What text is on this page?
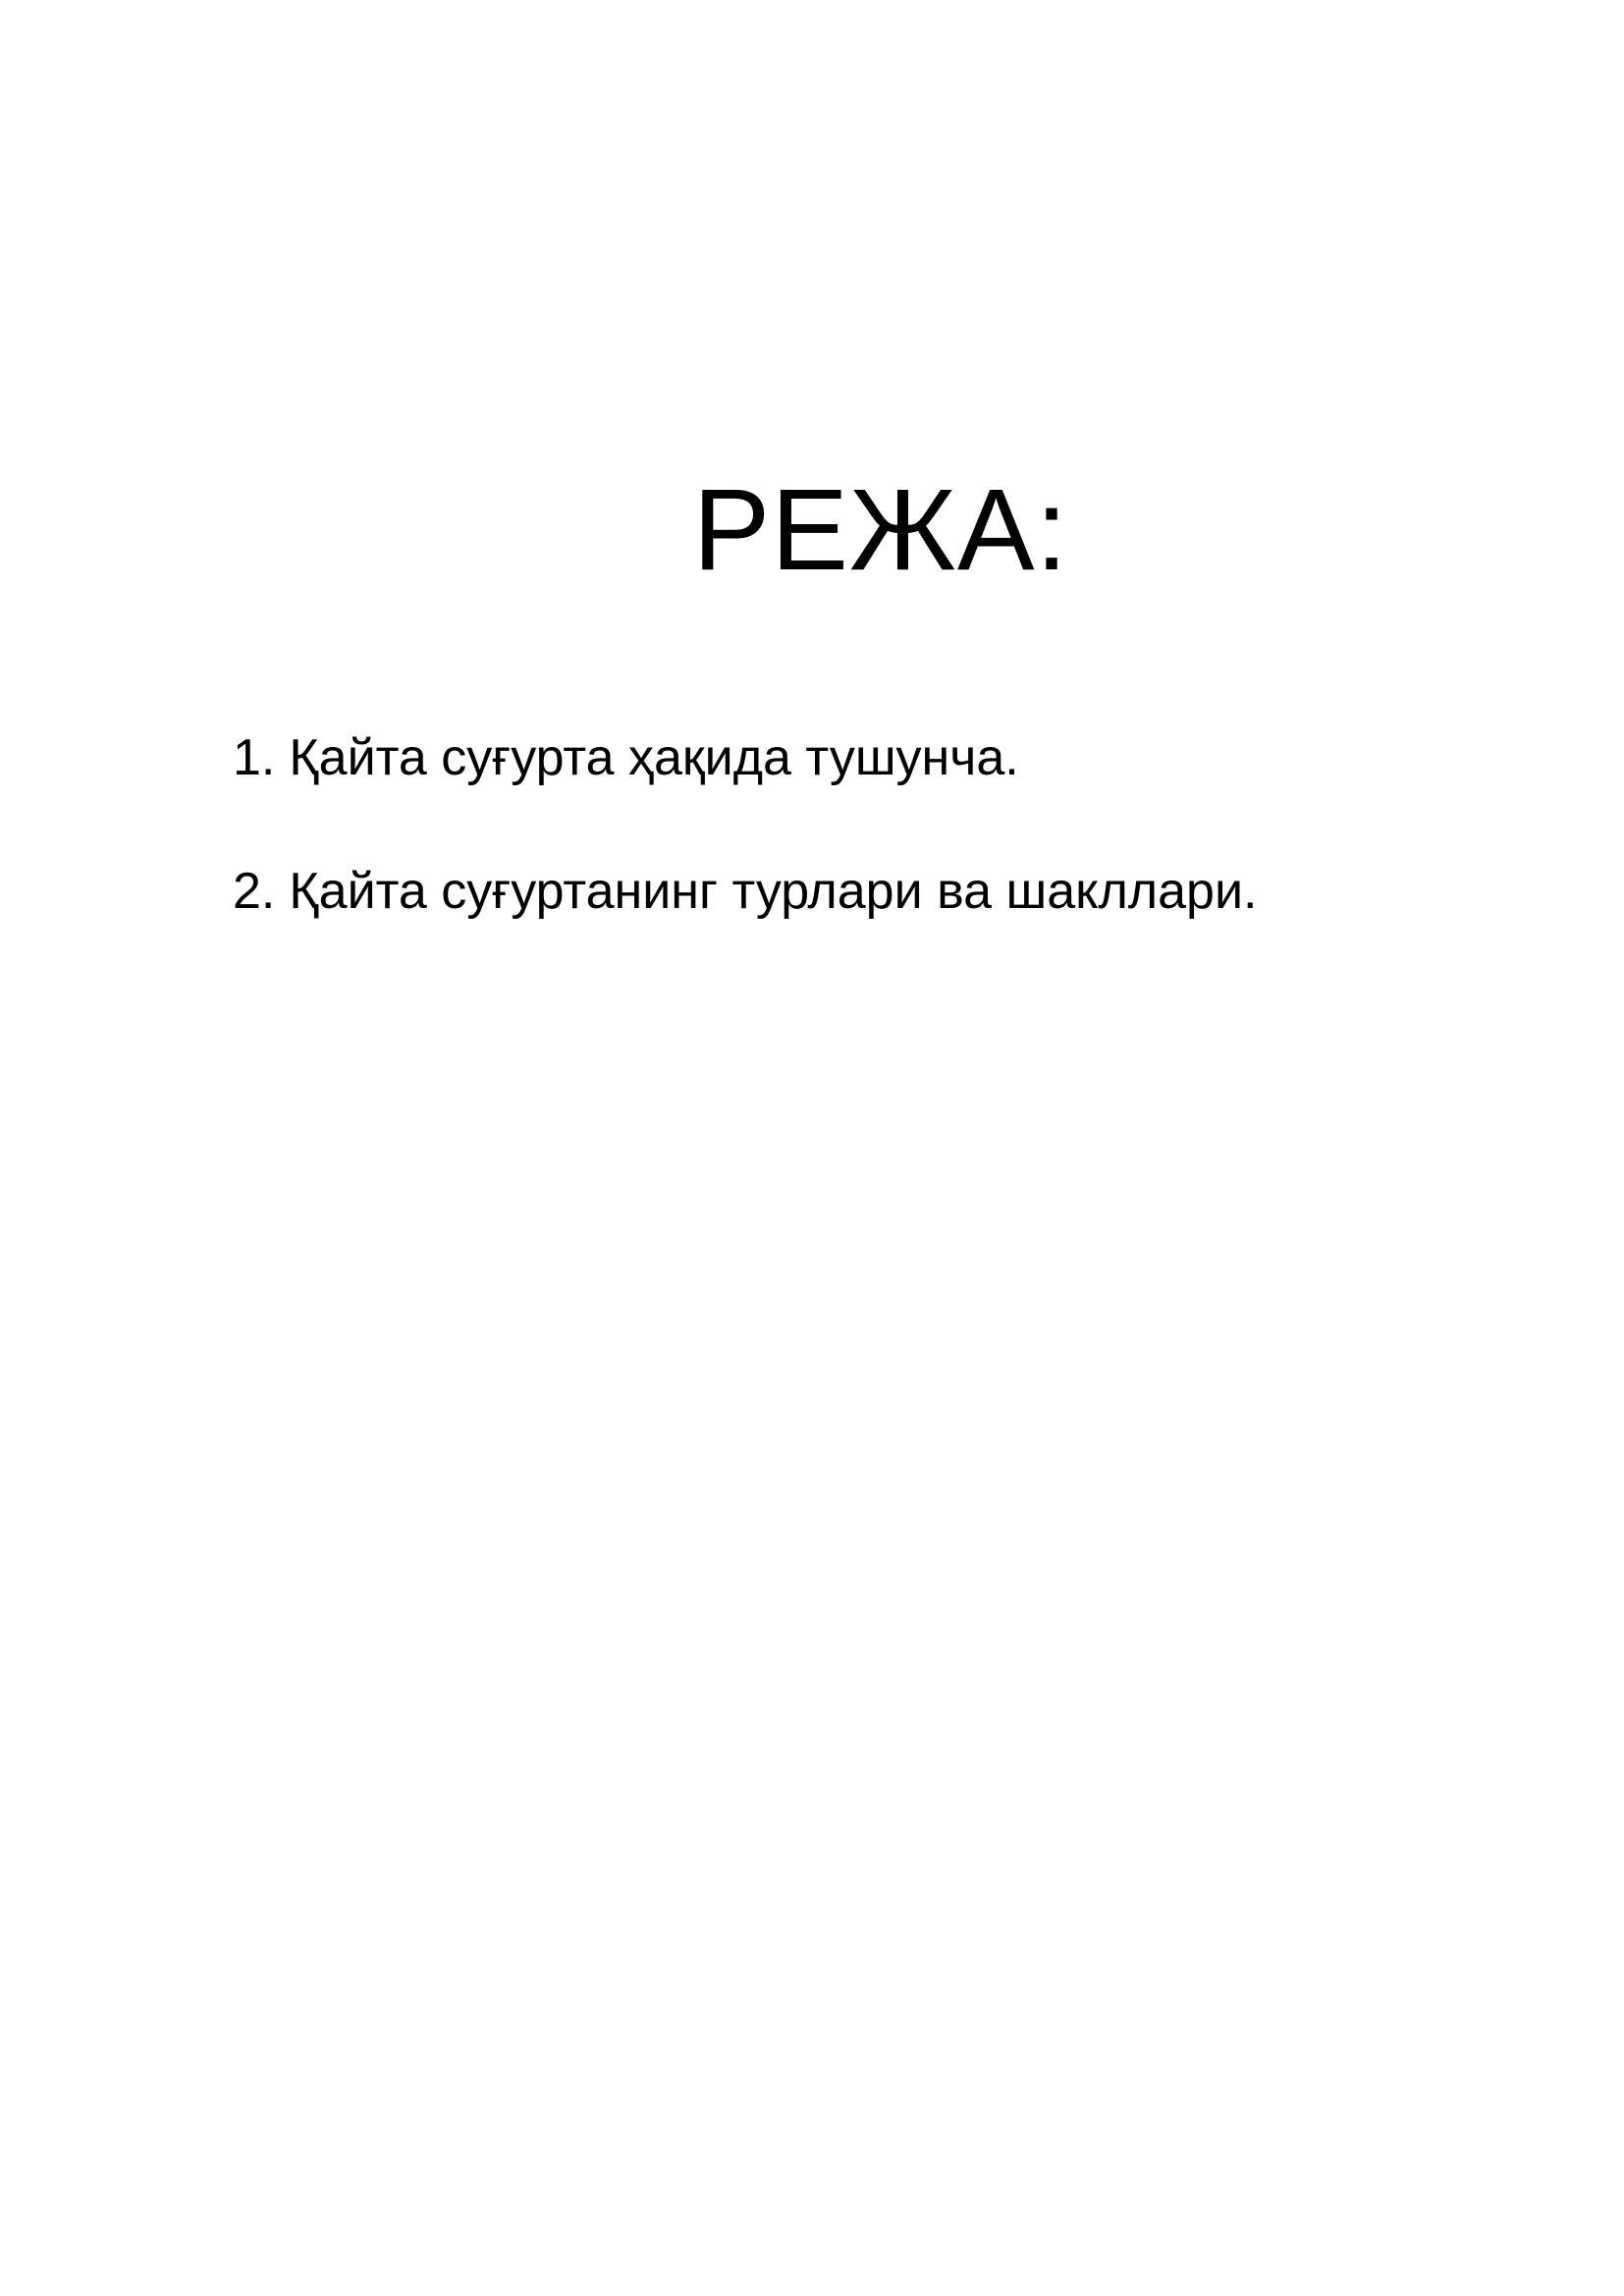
РЕЖА:
1. Қайта суғурта ҳақида тушунча.
2. Қайта суғуртанинг турлари ва шакллари.
